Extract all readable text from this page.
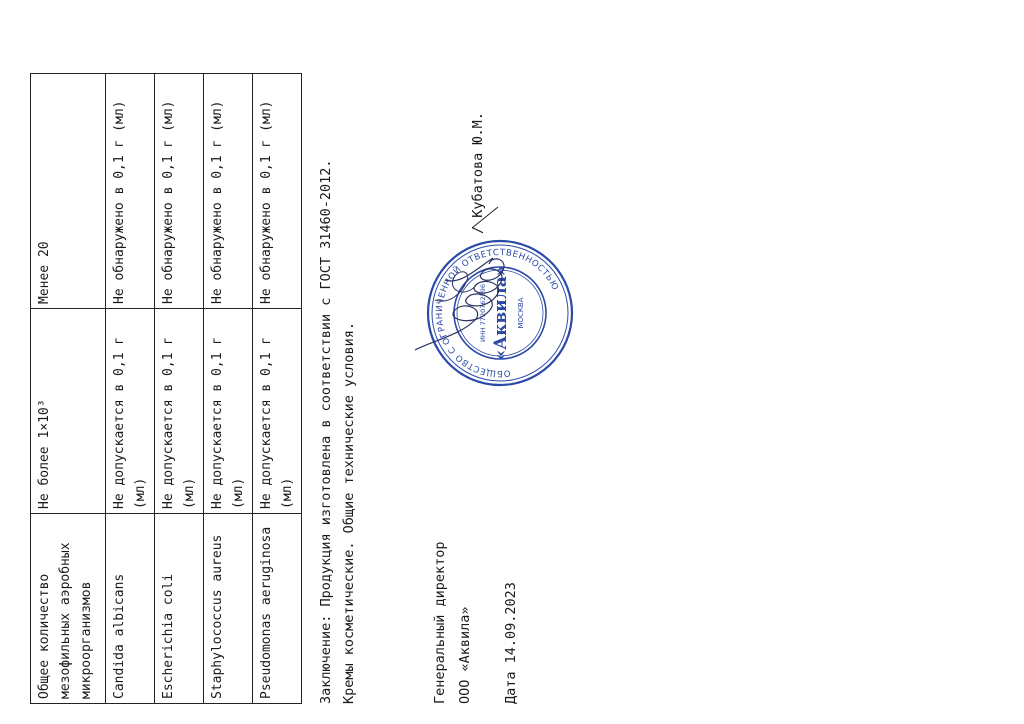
Общее количество мезофильных аэробных микроорганизмов	Не более 1×10³	Менее 20
Candida albicans	Не допускается в 0,1 г (мл)	Не обнаружено в 0,1 г (мл)
Escherichia coli	Не допускается в 0,1 г (мл)	Не обнаружено в 0,1 г (мл)
Staphylococcus aureus	Не допускается в 0,1 г (мл)	Не обнаружено в 0,1 г (мл)
Pseudomonas aeruginosa	Не допускается в 0,1 г (мл)	Не обнаружено в 0,1 г (мл)	Заключение: Продукция изготовлена в соответствии с ГОСТ 31460-2012. Кремы косметические. Общие технические условия.	Генеральный директор ООО «Аквила»
/ Кубатова Ю.М.
Дата 14.09.2023
ОБЩЕСТВО С ОГРАНИЧЕННОЙ ОТВЕТСТВЕННОСТЬЮ
«Аквила»
ИНН 7720762596	МОСКВА
